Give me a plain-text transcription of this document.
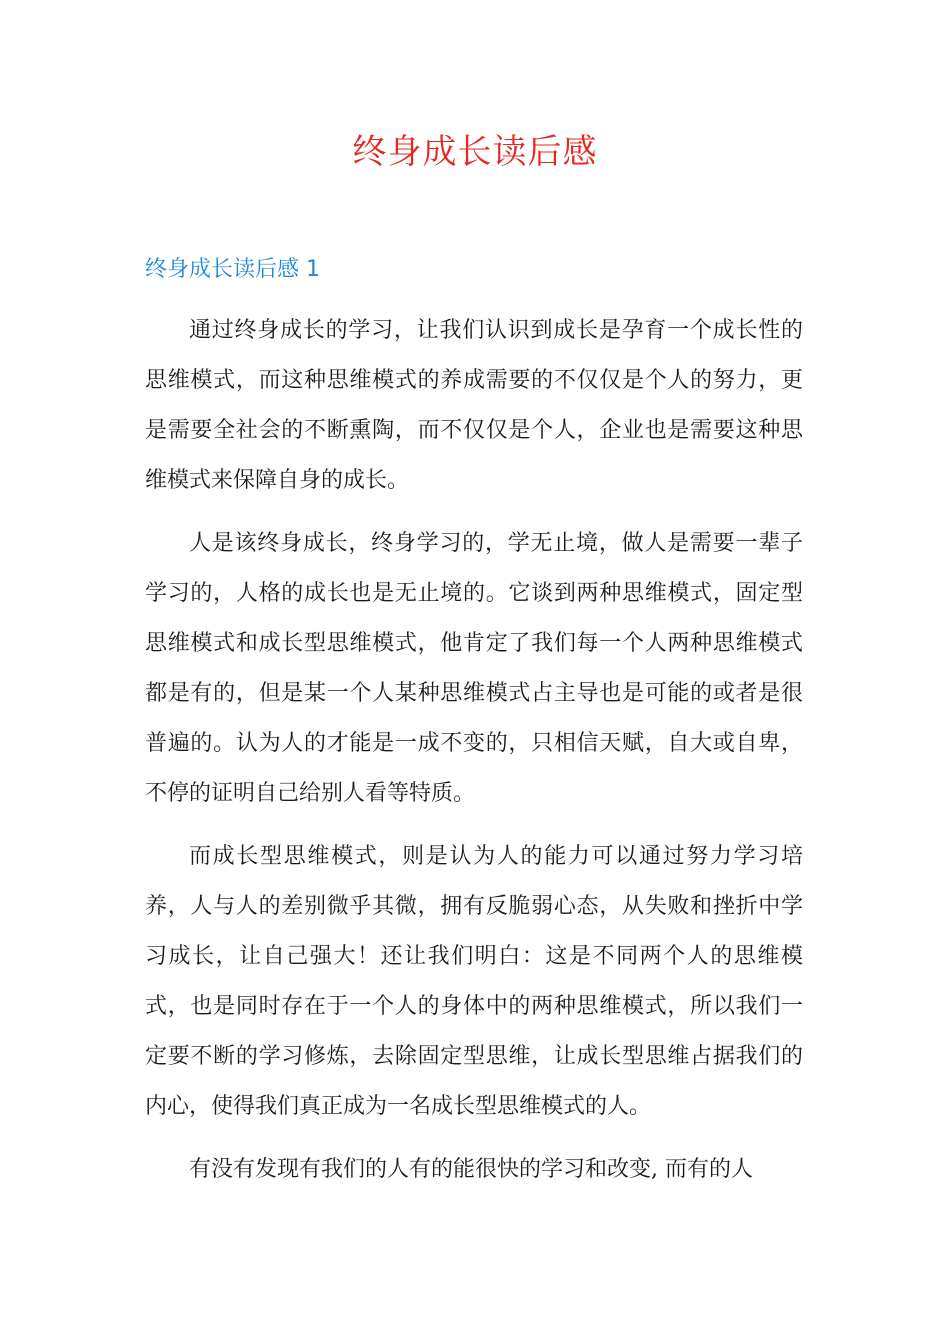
终身成长读后感
终身成长读后感 1

通过终身成长的学习，让我们认识到成长是孕育一个成长性的思维模式，而这种思维模式的养成需要的不仅仅是个人的努力，更是需要全社会的不断熏陶，而不仅仅是个人，企业也是需要这种思维模式来保障自身的成长。

人是该终身成长，终身学习的，学无止境，做人是需要一辈子学习的，人格的成长也是无止境的。它谈到两种思维模式，固定型思维模式和成长型思维模式，他肯定了我们每一个人两种思维模式都是有的，但是某一个人某种思维模式占主导也是可能的或者是很普遍的。认为人的才能是一成不变的，只相信天赋，自大或自卑，不停的证明自己给别人看等特质。

而成长型思维模式，则是认为人的能力可以通过努力学习培养，人与人的差别微乎其微，拥有反脆弱心态，从失败和挫折中学习成长，让自己强大！还让我们明白：这是不同两个人的思维模式，也是同时存在于一个人的身体中的两种思维模式，所以我们一定要不断的学习修炼，去除固定型思维，让成长型思维占据我们的内心，使得我们真正成为一名成长型思维模式的人。

有没有发现有我们的人有的能很快的学习和改变, 而有的人
